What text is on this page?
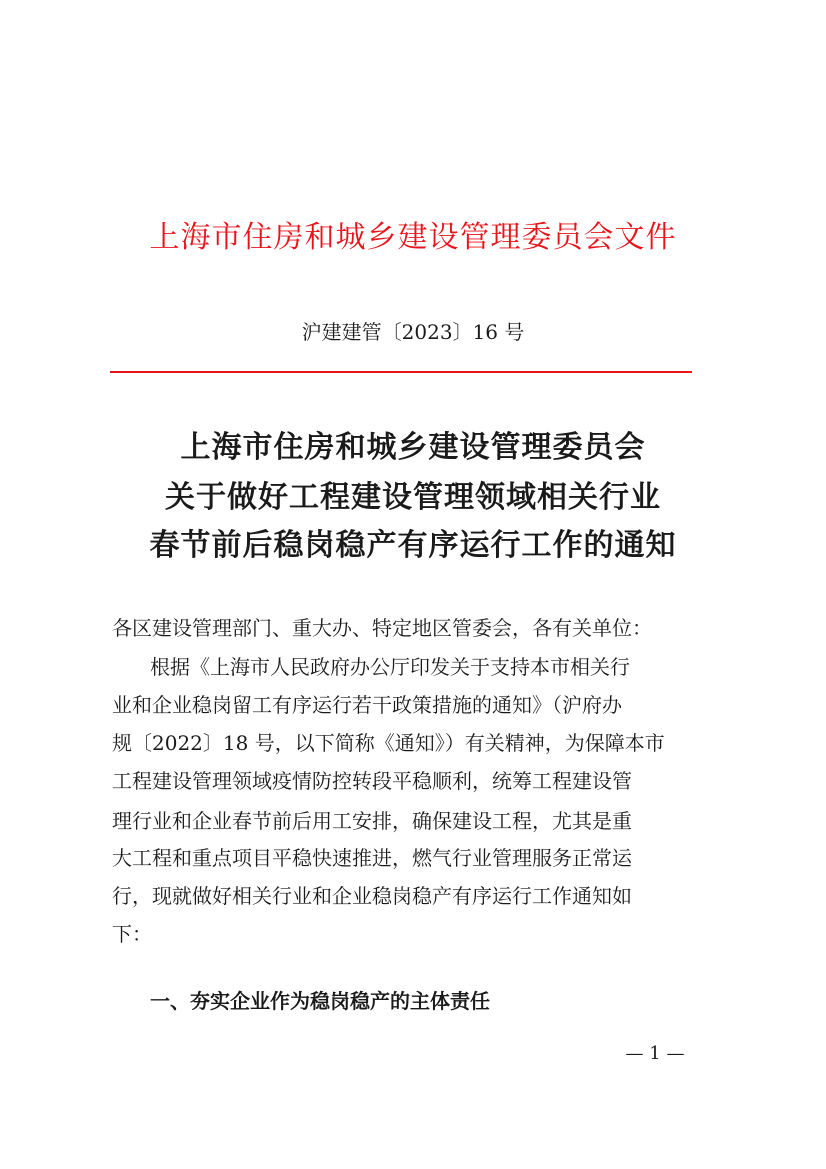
上海市住房和城乡建设管理委员会文件
沪建建管〔2023〕16 号
上海市住房和城乡建设管理委员会
关于做好工程建设管理领域相关行业
春节前后稳岗稳产有序运行工作的通知
各区建设管理部门、重大办、特定地区管委会，各有关单位：
根据《上海市人民政府办公厅印发关于支持本市相关行
业和企业稳岗留工有序运行若干政策措施的通知》（沪府办
规〔2022〕18 号，以下简称《通知》）有关精神，为保障本市
工程建设管理领域疫情防控转段平稳顺利，统筹工程建设管
理行业和企业春节前后用工安排，确保建设工程，尤其是重
大工程和重点项目平稳快速推进，燃气行业管理服务正常运
行，现就做好相关行业和企业稳岗稳产有序运行工作通知如
下：
一、夯实企业作为稳岗稳产的主体责任
— 1 —
